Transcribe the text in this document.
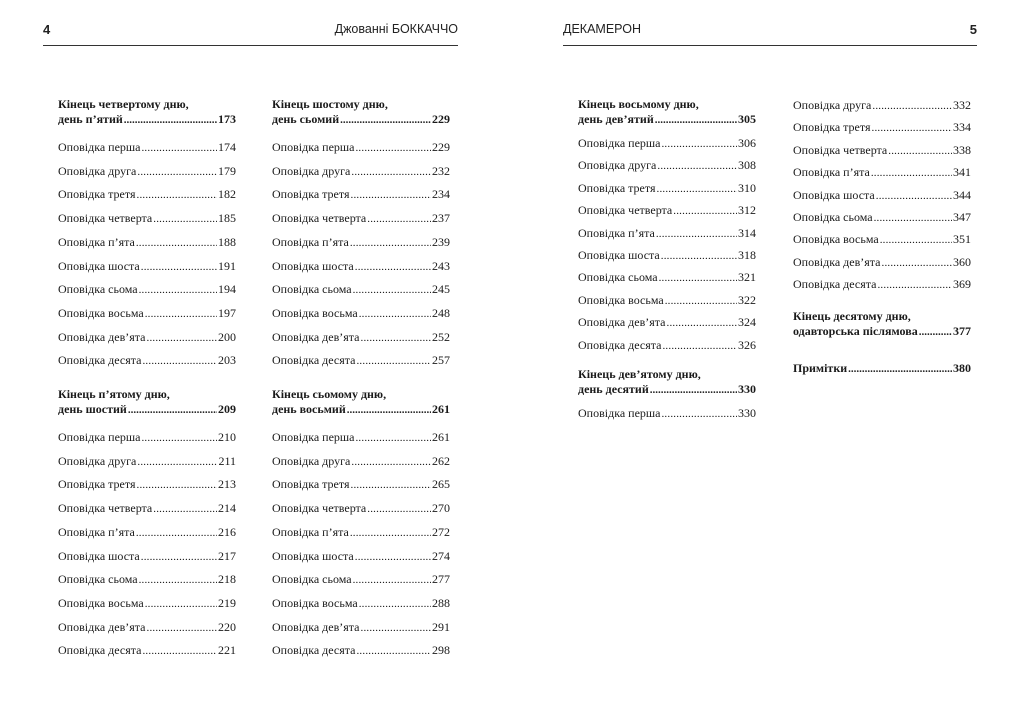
4	Джованні БОККАЧЧО
Кінець четвертому дню,
день п’ятий .....	173
Оповідка перша .....	174
Оповідка друга .....	179
Оповідка третя .....	182
Оповідка четверта .....	185
Оповідка п’ята .....	188
Оповідка шоста .....	191
Оповідка сьома .....	194
Оповідка восьма .....	197
Оповідка дев’ята .....	200
Оповідка десята .....	203
Кінець п’ятому дню,
день шостий .....	209
Оповідка перша .....	210
Оповідка друга .....	211
Оповідка третя .....	213
Оповідка четверта .....	214
Оповідка п’ята .....	216
Оповідка шоста .....	217
Оповідка сьома .....	218
Оповідка восьма .....	219
Оповідка дев’ята .....	220
Оповідка десята .....	221
Кінець шостому дню,
день сьомий .....	229
Оповідка перша .....	229
Оповідка друга .....	232
Оповідка третя .....	234
Оповідка четверта .....	237
Оповідка п’ята .....	239
Оповідка шоста .....	243
Оповідка сьома .....	245
Оповідка восьма .....	248
Оповідка дев’ята .....	252
Оповідка десята .....	257
Кінець сьомому дню,
день восьмий .....	261
Оповідка перша .....	261
Оповідка друга .....	262
Оповідка третя .....	265
Оповідка четверта .....	270
Оповідка п’ята .....	272
Оповідка шоста .....	274
Оповідка сьома .....	277
Оповідка восьма .....	288
Оповідка дев’ята .....	291
Оповідка десята .....	298
ДЕКАМЕРОН	5
Кінець восьмому дню,
день дев’ятий .....	305
Оповідка перша .....	306
Оповідка друга .....	308
Оповідка третя .....	310
Оповідка четверта .....	312
Оповідка п’ята .....	314
Оповідка шоста .....	318
Оповідка сьома .....	321
Оповідка восьма .....	322
Оповідка дев’ята .....	324
Оповідка десята .....	326
Кінець дев’ятому дню,
день десятий .....	330
Оповідка перша .....	330
Оповідка друга .....	332
Оповідка третя .....	334
Оповідка четверта .....	338
Оповідка п’ята .....	341
Оповідка шоста .....	344
Оповідка сьома .....	347
Оповідка восьма .....	351
Оповідка дев’ята .....	360
Оповідка десята .....	369
Кінець десятому дню,
одавторська післямова .....	377
Примітки .....	380
